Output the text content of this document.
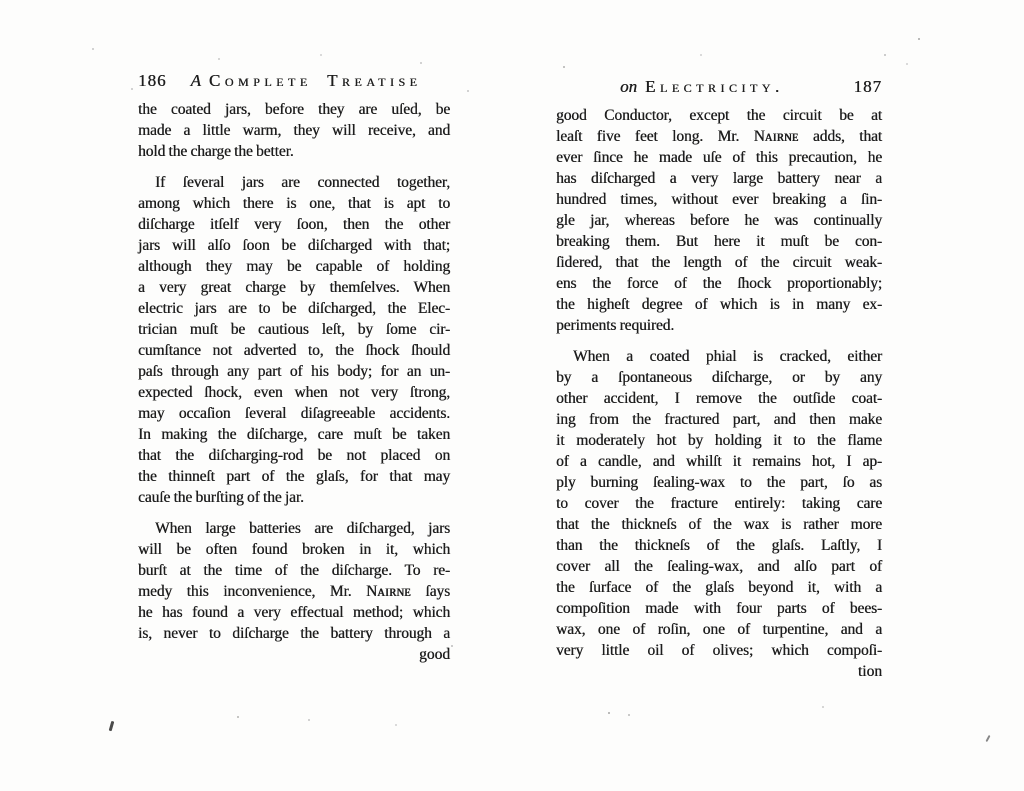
186 A Complete Treatise
the coated jars, before they are uſed, be
made a little warm, they will receive, and
hold the charge the better.
If ſeveral jars are connected together,
among which there is one, that is apt to
diſcharge itſelf very ſoon, then the other
jars will alſo ſoon be diſcharged with that;
although they may be capable of holding
a very great charge by themſelves. When
electric jars are to be diſcharged, the Elec-
trician muſt be cautious leſt, by ſome cir-
cumſtance not adverted to, the ſhock ſhould
paſs through any part of his body; for an un-
expected ſhock, even when not very ſtrong,
may occaſion ſeveral diſagreeable accidents.
In making the diſcharge, care muſt be taken
that the diſcharging-rod be not placed on
the thinneſt part of the glaſs, for that may
cauſe the burſting of the jar.
When large batteries are diſcharged, jars
will be often found broken in it, which
burſt at the time of the diſcharge. To re-
medy this inconvenience, Mr. Nᴀɪʀɴᴇ ſays
he has found a very effectual method; which
is, never to diſcharge the battery through a
good
on Electricity.	187
good Conductor, except the circuit be at
leaſt five feet long. Mr. Nᴀɪʀɴᴇ adds, that
ever ſince he made uſe of this precaution, he
has diſcharged a very large battery near a
hundred times, without ever breaking a ſin-
gle jar, whereas before he was continually
breaking them. But here it muſt be con-
ſidered, that the length of the circuit weak-
ens the force of the ſhock proportionably;
the higheſt degree of which is in many ex-
periments required.
When a coated phial is cracked, either
by a ſpontaneous diſcharge, or by any
other accident, I remove the outſide coat-
ing from the fractured part, and then make
it moderately hot by holding it to the flame
of a candle, and whilſt it remains hot, I ap-
ply burning ſealing-wax to the part, ſo as
to cover the fracture entirely: taking care
that the thickneſs of the wax is rather more
than the thickneſs of the glaſs. Laſtly, I
cover all the ſealing-wax, and alſo part of
the ſurface of the glaſs beyond it, with a
compoſition made with four parts of bees-
wax, one of roſin, one of turpentine, and a
very little oil of olives; which compoſi-
tion
